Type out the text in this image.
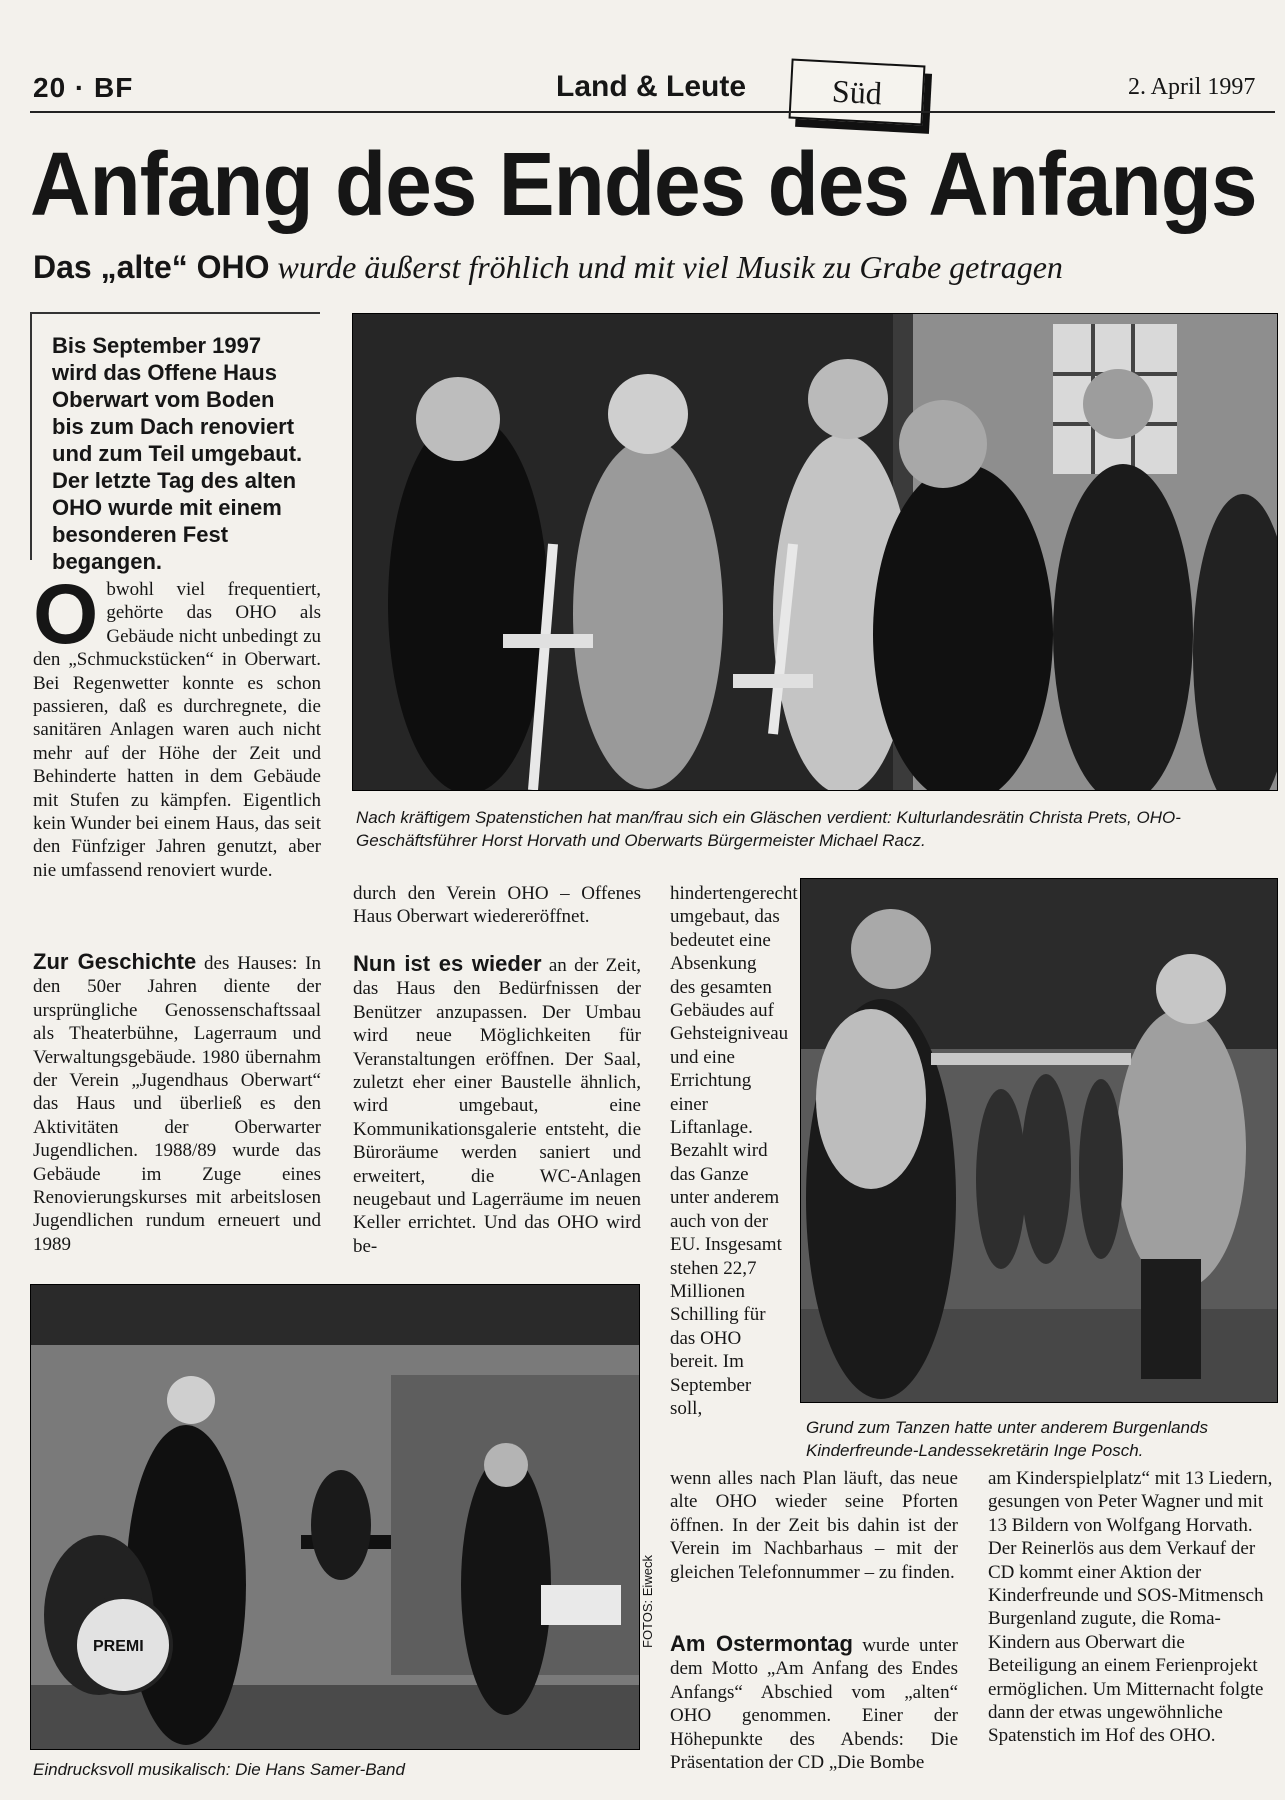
20 · BF	Land & Leute	Süd	2. April 1997
Anfang des Endes des Anfangs
Das „alte“ OHO wurde äußerst fröhlich und mit viel Musik zu Grabe getragen
Bis September 1997 wird das Offene Haus Oberwart vom Boden bis zum Dach renoviert und zum Teil umgebaut. Der letzte Tag des alten OHO wurde mit einem besonderen Fest begangen.
Obwohl viel frequentiert, gehörte das OHO als Gebäude nicht unbedingt zu den „Schmuckstücken“ in Oberwart. Bei Regenwetter konnte es schon passieren, daß es durchregnete, die sanitären Anlagen waren auch nicht mehr auf der Höhe der Zeit und Behinderte hatten in dem Gebäude mit Stufen zu kämpfen. Eigentlich kein Wunder bei einem Haus, das seit den Fünfziger Jahren genutzt, aber nie umfassend renoviert wurde.
Zur Geschichte des Hauses: In den 50er Jahren diente der ursprüngliche Genossenschaftssaal als Theaterbühne, Lagerraum und Verwaltungsgebäude. 1980 übernahm der Verein „Jugendhaus Oberwart“ das Haus und überließ es den Aktivitäten der Oberwarter Jugendlichen. 1988/89 wurde das Gebäude im Zuge eines Renovierungskurses mit arbeitslosen Jugendlichen rundum erneuert und 1989
durch den Verein OHO – Offenes Haus Oberwart wiedereröffnet.
Nun ist es wieder an der Zeit, das Haus den Bedürfnissen der Benützer anzupassen. Der Umbau wird neue Möglichkeiten für Veranstaltungen eröffnen. Der Saal, zuletzt eher einer Baustelle ähnlich, wird umgebaut, eine Kommunikationsgalerie entsteht, die Büroräume werden saniert und erweitert, die WC-Anlagen neugebaut und Lagerräume im neuen Keller errichtet. Und das OHO wird be-
hindertengerecht umgebaut, das bedeutet eine Absenkung des gesamten Gebäudes auf Gehsteigniveau und eine Errichtung einer Liftanlage. Bezahlt wird das Ganze unter anderem auch von der EU. Insgesamt stehen 22,7 Millionen Schilling für das OHO bereit. Im September soll,
wenn alles nach Plan läuft, das neue alte OHO wieder seine Pforten öffnen. In der Zeit bis dahin ist der Verein im Nachbarhaus – mit der gleichen Telefonnummer – zu finden.
Am Ostermontag wurde unter dem Motto „Am Anfang des Endes Anfangs“ Abschied vom „alten“ OHO genommen. Einer der Höhepunkte des Abends: Die Präsentation der CD „Die Bombe
am Kinderspielplatz“ mit 13 Liedern, gesungen von Peter Wagner und mit 13 Bildern von Wolfgang Horvath. Der Reinerlös aus dem Verkauf der CD kommt einer Aktion der Kinderfreunde und SOS-Mitmensch Burgenland zugute, die Roma-Kindern aus Oberwart die Beteiligung an einem Ferienprojekt ermöglichen. Um Mitternacht folgte dann der etwas ungewöhnliche Spatenstich im Hof des OHO.
Nach kräftigem Spatenstichen hat man/frau sich ein Gläschen verdient: Kulturlandesrätin Christa Prets, OHO-Geschäftsführer Horst Horvath und Oberwarts Bürgermeister Michael Racz.
Grund zum Tanzen hatte unter anderem Burgenlands Kinderfreunde-Landessekretärin Inge Posch.
PREMI	FOTOS: Eiweck
Eindrucksvoll musikalisch: Die Hans Samer-Band
